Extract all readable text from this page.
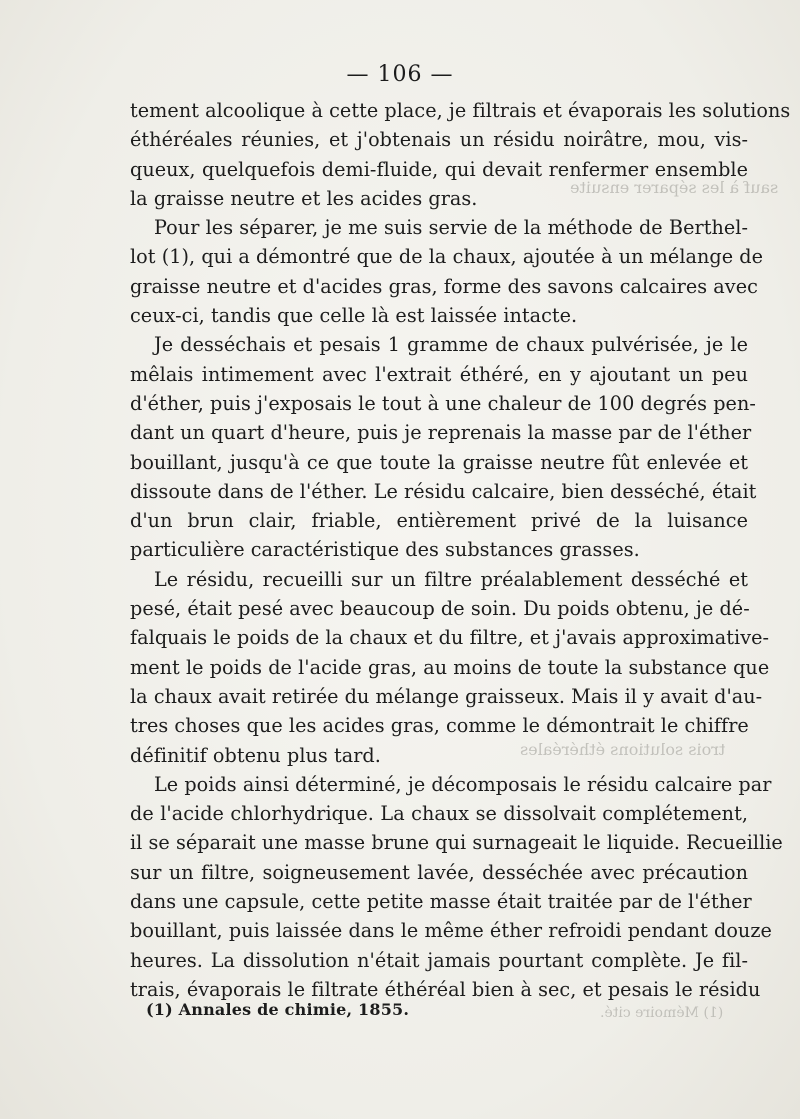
sauf à les séparer ensuite
trois solutions éthéréales
(1) Mémoire cité.
— 106 —
tement alcoolique à cette place, je filtrais et évaporais les solutions
éthéréales réunies, et j'obtenais un résidu noirâtre, mou, vis-
queux, quelquefois demi-fluide, qui devait renfermer ensemble
la graisse neutre et les acides gras.
Pour les séparer, je me suis servie de la méthode de Berthel-
lot (1), qui a démontré que de la chaux, ajoutée à un mélange de
graisse neutre et d'acides gras, forme des savons calcaires avec
ceux-ci, tandis que celle là est laissée intacte.
Je desséchais et pesais 1 gramme de chaux pulvérisée, je le
mêlais intimement avec l'extrait éthéré, en y ajoutant un peu
d'éther, puis j'exposais le tout à une chaleur de 100 degrés pen-
dant un quart d'heure, puis je reprenais la masse par de l'éther
bouillant, jusqu'à ce que toute la graisse neutre fût enlevée et
dissoute dans de l'éther. Le résidu calcaire, bien desséché, était
d'un brun clair, friable, entièrement privé de la luisance
particulière caractéristique des substances grasses.
Le résidu, recueilli sur un filtre préalablement desséché et
pesé, était pesé avec beaucoup de soin. Du poids obtenu, je dé-
falquais le poids de la chaux et du filtre, et j'avais approximative-
ment le poids de l'acide gras, au moins de toute la substance que
la chaux avait retirée du mélange graisseux. Mais il y avait d'au-
tres choses que les acides gras, comme le démontrait le chiffre
définitif obtenu plus tard.
Le poids ainsi déterminé, je décomposais le résidu calcaire par
de l'acide chlorhydrique. La chaux se dissolvait complétement,
il se séparait une masse brune qui surnageait le liquide. Recueillie
sur un filtre, soigneusement lavée, desséchée avec précaution
dans une capsule, cette petite masse était traitée par de l'éther
bouillant, puis laissée dans le même éther refroidi pendant douze
heures. La dissolution n'était jamais pourtant complète. Je fil-
trais, évaporais le filtrate éthéréal bien à sec, et pesais le résidu
(1) Annales de chimie, 1855.
